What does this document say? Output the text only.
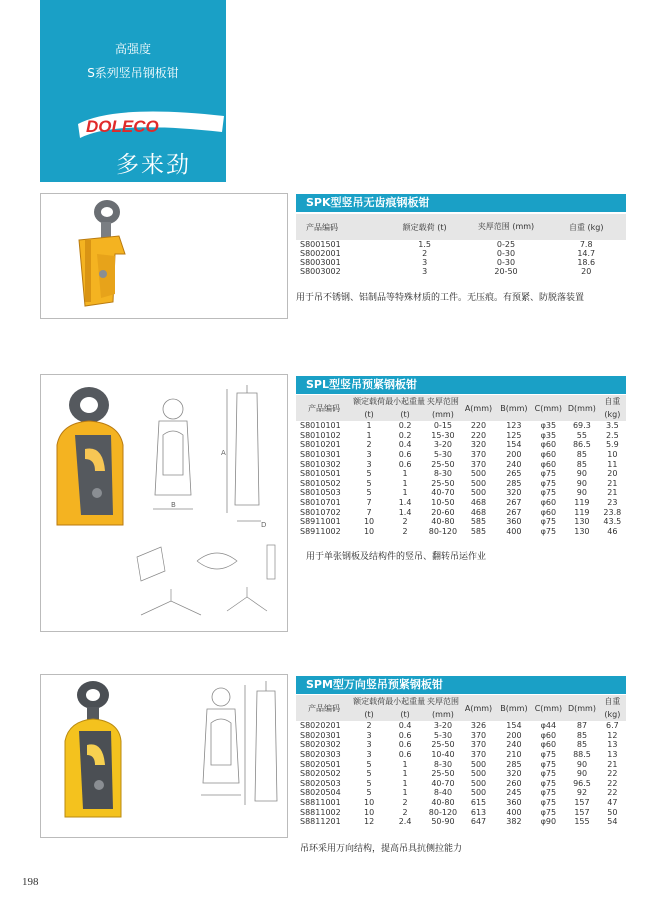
高强度
S系列竖吊钢板钳
DOLECO
多来劲
SPK型竖吊无齿痕钢板钳
产品编码	额定载荷 (t)	夹厚范围 (mm)	自重 (kg)
S8001501	1.5	0-25	7.8
S8002001	2	0-30	14.7
S8003001	3	0-30	18.6
S8003002	3	20-50	20
用于吊不锈钢、铝制品等特殊材质的工件。无压痕。有预紧、防脱落装置
A
B
D
SPL型竖吊预紧钢板钳
产品编码	额定载荷	最小起重量	夹厚范围	A(mm)	B(mm)	C(mm)	D(mm)	自重
	(t)	(t)	(mm)					(kg)
S8010101	1	0.2	0-15	220	123	φ35	69.3	3.5
S8010102	1	0.2	15-30	220	125	φ35	55	2.5
S8010201	2	0.4	3-20	320	154	φ60	86.5	5.9
S8010301	3	0.6	5-30	370	200	φ60	85	10
S8010302	3	0.6	25-50	370	240	φ60	85	11
S8010501	5	1	8-30	500	265	φ75	90	20
S8010502	5	1	25-50	500	285	φ75	90	21
S8010503	5	1	40-70	500	320	φ75	90	21
S8010701	7	1.4	10-50	468	267	φ60	119	23
S8010702	7	1.4	20-60	468	267	φ60	119	23.8
S8911001	10	2	40-80	585	360	φ75	130	43.5
S8911002	10	2	80-120	585	400	φ75	130	46
用于单张钢板及结构件的竖吊、翻转吊运作业
SPM型万向竖吊预紧钢板钳
产品编码	额定载荷	最小起重量	夹厚范围	A(mm)	B(mm)	C(mm)	D(mm)	自重
	(t)	(t)	(mm)					(kg)
S8020201	2	0.4	3-20	326	154	φ44	87	6.7
S8020301	3	0.6	5-30	370	200	φ60	85	12
S8020302	3	0.6	25-50	370	240	φ60	85	13
S8020303	3	0.6	10-40	370	210	φ75	88.5	13
S8020501	5	1	8-30	500	285	φ75	90	21
S8020502	5	1	25-50	500	320	φ75	90	22
S8020503	5	1	40-70	500	260	φ75	96.5	22
S8020504	5	1	8-40	500	245	φ75	92	22
S8811001	10	2	40-80	615	360	φ75	157	47
S8811002	10	2	80-120	613	400	φ75	157	50
S8811201	12	2.4	50-90	647	382	φ90	155	54
吊环采用万向结构，提高吊具抗侧拉能力
198
